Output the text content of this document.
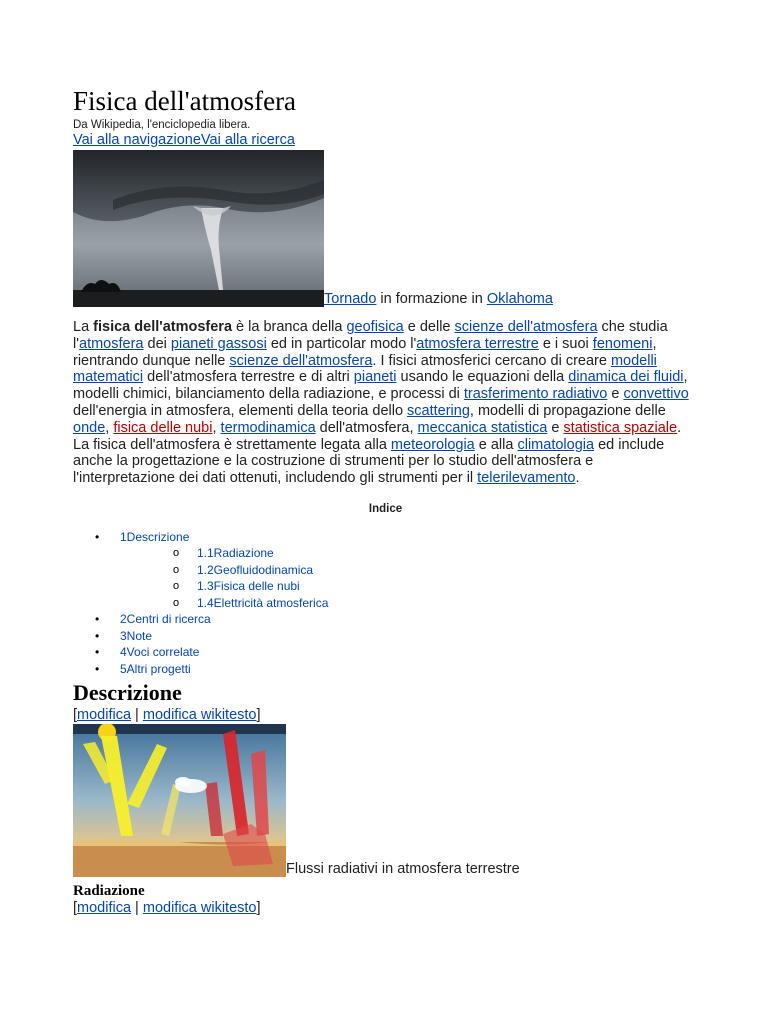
Fisica dell'atmosfera

Da Wikipedia, l'enciclopedia libera.

Vai alla navigazioneVai alla ricerca

Tornado in formazione in Oklahoma

La fisica dell'atmosfera è la branca della geofisica e delle scienze dell'atmosfera che studia l'atmosfera dei pianeti gassosi ed in particolar modo l'atmosfera terrestre e i suoi fenomeni, rientrando dunque nelle scienze dell'atmosfera. I fisici atmosferici cercano di creare modelli matematici dell'atmosfera terrestre e di altri pianeti usando le equazioni della dinamica dei fluidi, modelli chimici, bilanciamento della radiazione, e processi di trasferimento radiativo e convettivo dell'energia in atmosfera, elementi della teoria dello scattering, modelli di propagazione delle onde, fisica delle nubi, termodinamica dell'atmosfera, meccanica statistica e statistica spaziale. La fisica dell'atmosfera è strettamente legata alla meteorologia e alla climatologia ed include anche la progettazione e la costruzione di strumenti per lo studio dell'atmosfera e l'interpretazione dei dati ottenuti, includendo gli strumenti per il telerilevamento.

Indice
• 1Descrizione
o 1.1Radiazione
o 1.2Geofluidodinamica
o 1.3Fisica delle nubi
o 1.4Elettricità atmosferica
• 2Centri di ricerca
• 3Note
• 4Voci correlate
• 5Altri progetti
Descrizione
[modifica | modifica wikitesto]
Flussi radiativi in atmosfera terrestre
Radiazione
[modifica | modifica wikitesto]
